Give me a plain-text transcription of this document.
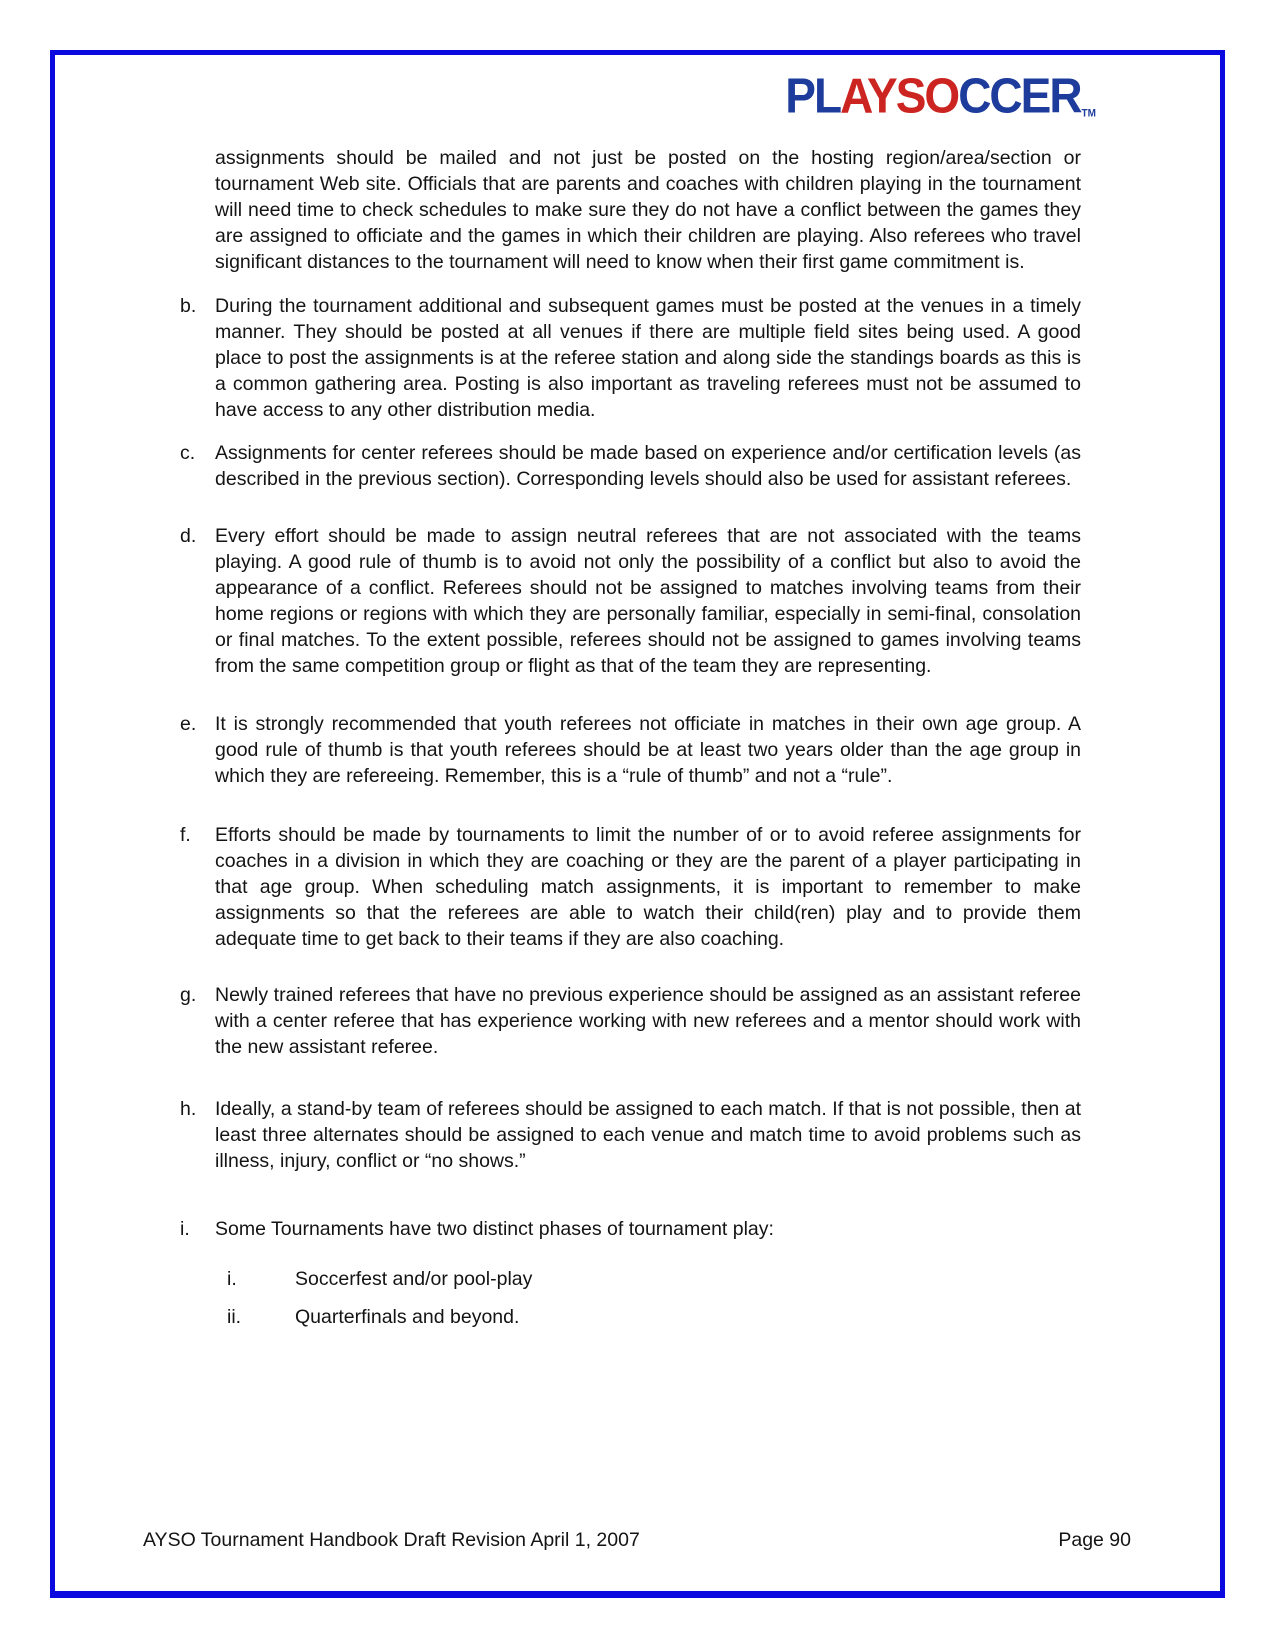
PLAYSOCCERTM

assignments should be mailed and not just be posted on the hosting region/area/section or tournament Web site. Officials that are parents and coaches with children playing in the tournament will need time to check schedules to make sure they do not have a conflict between the games they are assigned to officiate and the games in which their children are playing. Also referees who travel significant distances to the tournament will need to know when their first game commitment is.

b. During the tournament additional and subsequent games must be posted at the venues in a timely manner. They should be posted at all venues if there are multiple field sites being used. A good place to post the assignments is at the referee station and along side the standings boards as this is a common gathering area. Posting is also important as traveling referees must not be assumed to have access to any other distribution media.
c.	Assignments for center referees should be made based on experience and/or certification levels (as described in the previous section). Corresponding levels should also be used for assistant referees.
d. Every effort should be made to assign neutral referees that are not associated with the teams playing. A good rule of thumb is to avoid not only the possibility of a conflict but also to avoid the appearance of a conflict. Referees should not be assigned to matches involving teams from their home regions or regions with which they are personally familiar, especially in semi-final, consolation or final matches. To the extent possible, referees should not be assigned to games involving teams from the same competition group or flight as that of the team they are representing.
e. It is strongly recommended that youth referees not officiate in matches in their own age group. A good rule of thumb is that youth referees should be at least two years older than the age group in which they are refereeing. Remember, this is a “rule of thumb” and not a “rule”.
f.	Efforts should be made by tournaments to limit the number of or to avoid referee assignments for coaches in a division in which they are coaching or they are the parent of a player participating in that age group. When scheduling match assignments, it is important to remember to make assignments so that the referees are able to watch their child(ren) play and to provide them adequate time to get back to their teams if they are also coaching.
g. Newly trained referees that have no previous experience should be assigned as an assistant referee with a center referee that has experience working with new referees and a mentor should work with the new assistant referee.
h. Ideally, a stand-by team of referees should be assigned to each match. If that is not possible, then at least three alternates should be assigned to each venue and match time to avoid problems such as illness, injury, conflict or “no shows.”
i.	Some Tournaments have two distinct phases of tournament play:
i.	Soccerfest and/or pool-play
ii.	Quarterfinals and beyond.
AYSO Tournament Handbook Draft Revision April 1, 2007	Page 90
